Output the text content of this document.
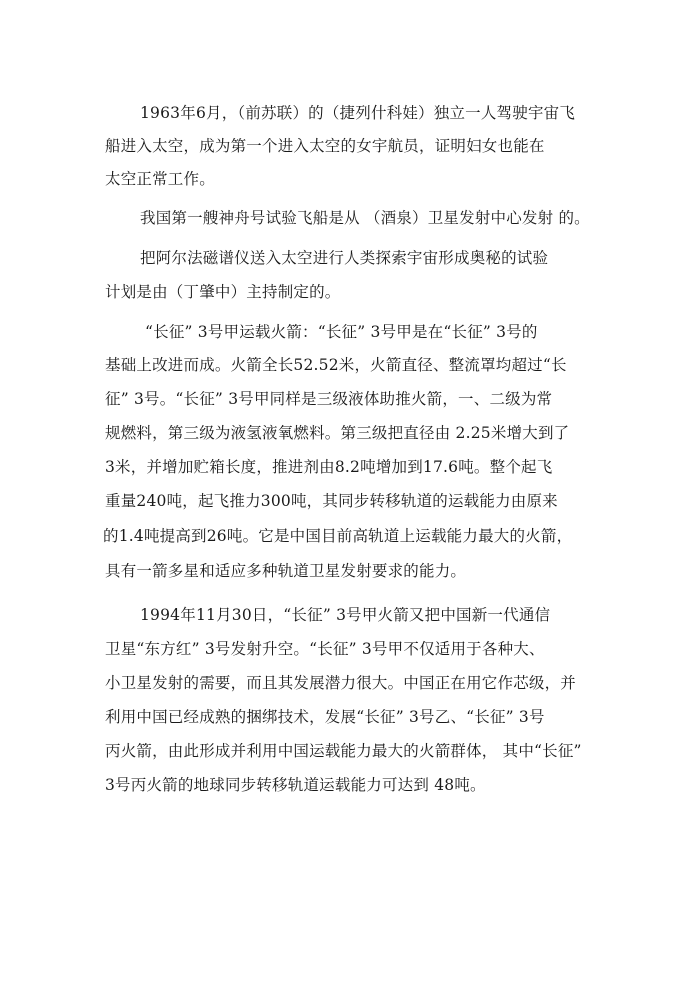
1963年6月，（前苏联）的（捷列什科娃）独立一人驾驶宇宙飞
船进入太空，成为第一个进入太空的女宇航员，证明妇女也能在
太空正常工作。
我国第一艘神舟号试验飞船是从 （酒泉）卫星发射中心发射 的。
把阿尔法磁谱仪送入太空进行人类探索宇宙形成奥秘的试验
计划是由（丁肇中）主持制定的。
“长征” 3号甲运载火箭：“长征” 3号甲是在“长征” 3号的
基础上改进而成。火箭全长52.52米，火箭直径、整流罩均超过“长
征” 3号。“长征” 3号甲同样是三级液体助推火箭，一、二级为常
规燃料，第三级为液氢液氧燃料。第三级把直径由 2.25米增大到了
3米，并增加贮箱长度，推进剂由8.2吨增加到17.6吨。整个起飞
重量240吨，起飞推力300吨，其同步转移轨道的运载能力由原来
的1.4吨提高到26吨。它是中国目前高轨道上运载能力最大的火箭，
具有一箭多星和适应多种轨道卫星发射要求的能力。
1994年11月30日，“长征” 3号甲火箭又把中国新一代通信
卫星“东方红” 3号发射升空。“长征” 3号甲不仅适用于各种大、
小卫星发射的需要，而且其发展潜力很大。中国正在用它作芯级，并
利用中国已经成熟的捆绑技术，发展“长征” 3号乙、“长征” 3号
丙火箭，由此形成并利用中国运载能力最大的火箭群体， 其中“长征”
3号丙火箭的地球同步转移轨道运载能力可达到 48吨。
